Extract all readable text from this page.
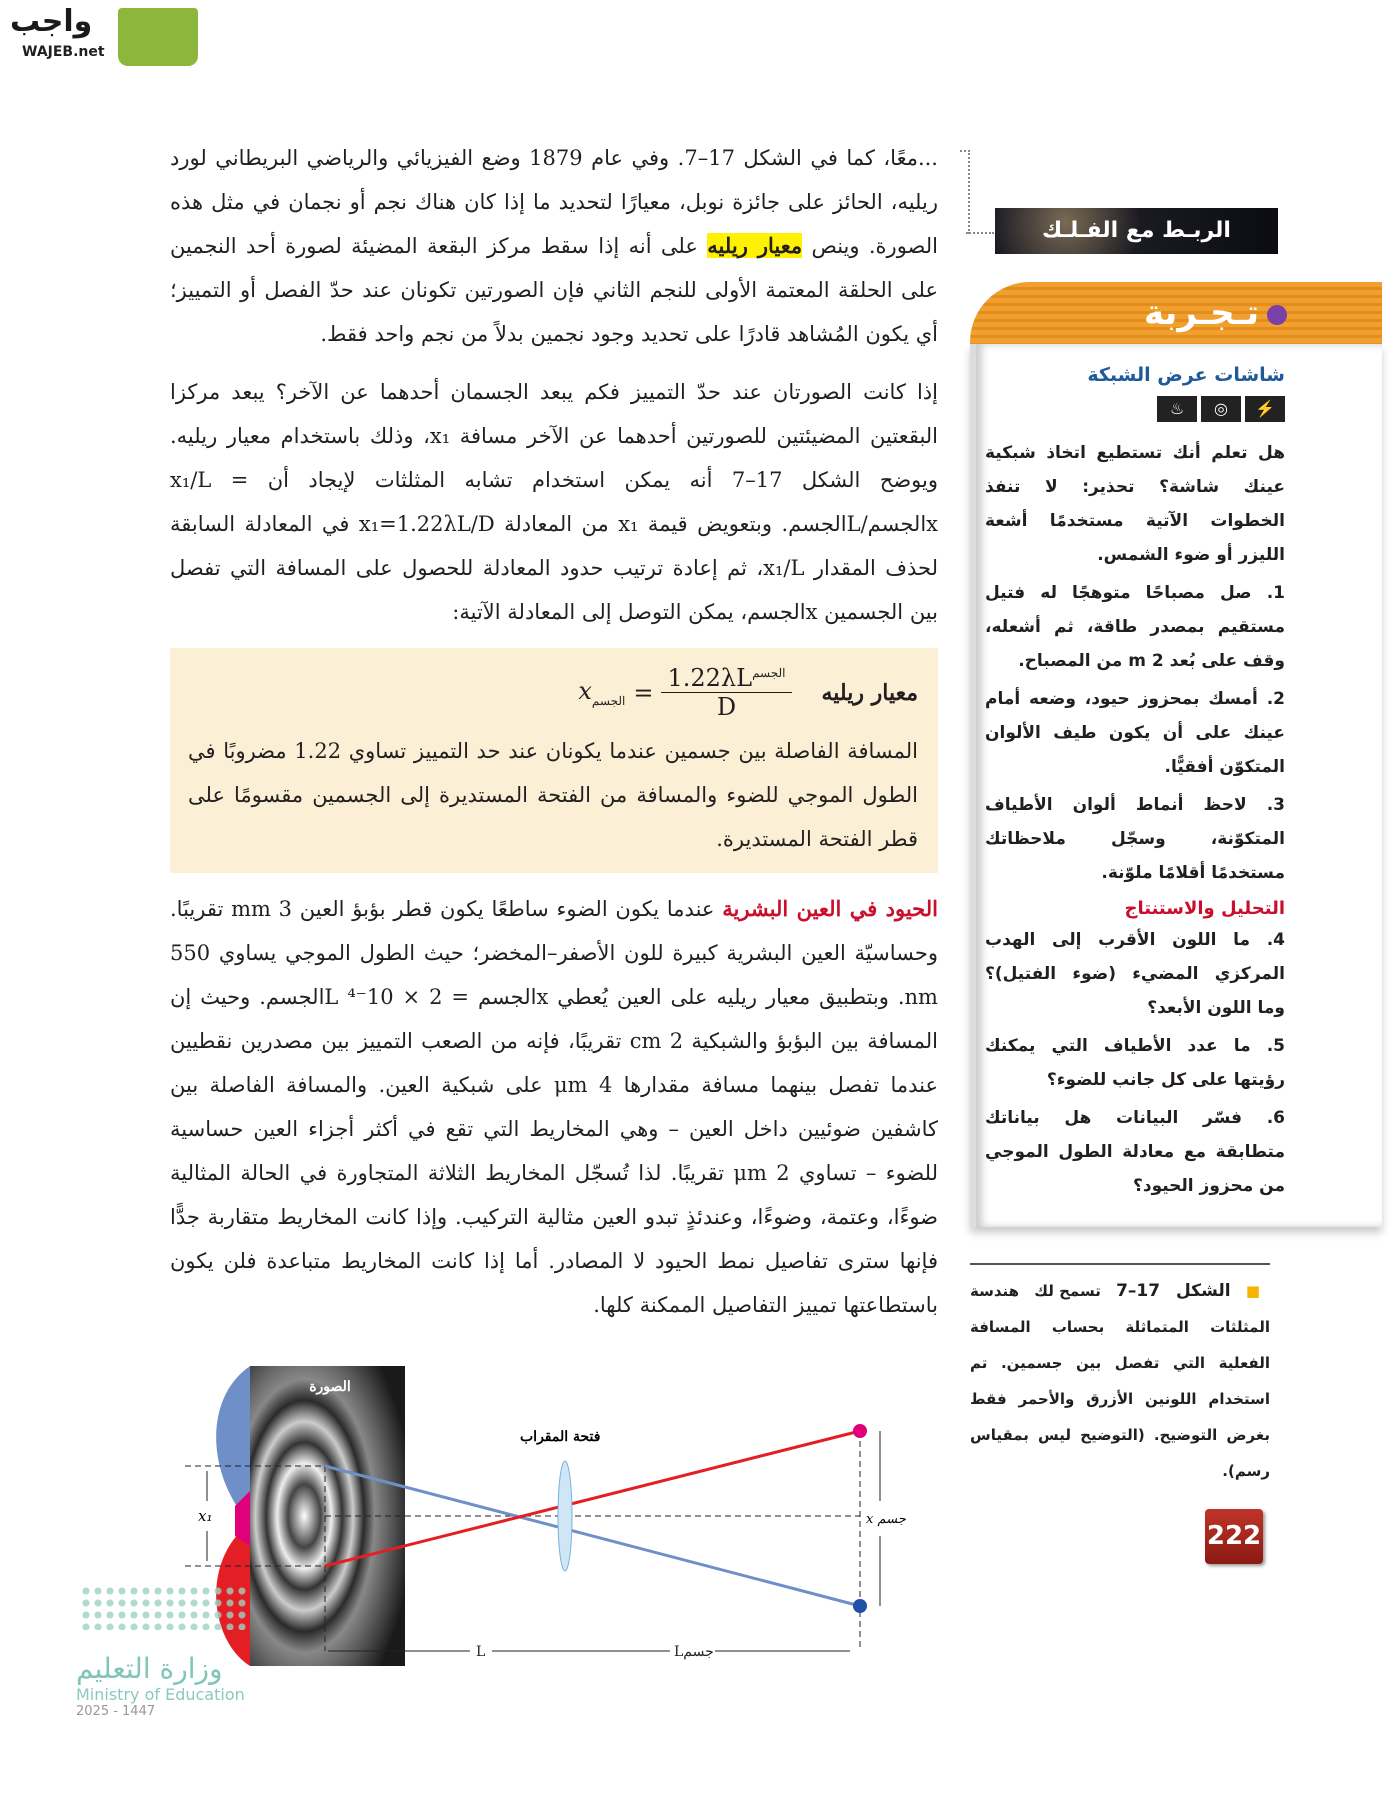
واجب
WAJEB.net
...معًا، كما في الشكل 17–7. وفي عام 1879 وضع الفيزيائي والرياضي البريطاني لورد ريليه، الحائز على جائزة نوبل، معيارًا لتحديد ما إذا كان هناك نجم أو نجمان في مثل هذه الصورة. وينص معيار ريليه على أنه إذا سقط مركز البقعة المضيئة لصورة أحد النجمين على الحلقة المعتمة الأولى للنجم الثاني فإن الصورتين تكونان عند حدّ الفصل أو التمييز؛ أي يكون المُشاهد قادرًا على تحديد وجود نجمين بدلاً من نجم واحد فقط.
إذا كانت الصورتان عند حدّ التمييز فكم يبعد الجسمان أحدهما عن الآخر؟ يبعد مركزا البقعتين المضيئتين للصورتين أحدهما عن الآخر مسافة x₁، وذلك باستخدام معيار ريليه. ويوضح الشكل 17–7 أنه يمكن استخدام تشابه المثلثات لإيجاد أن x₁/L = xالجسم/Lالجسم. وبتعويض قيمة x₁ من المعادلة x₁=1.22λL/D في المعادلة السابقة لحذف المقدار x₁/L، ثم إعادة ترتيب حدود المعادلة للحصول على المسافة التي تفصل بين الجسمين xالجسم، يمكن التوصل إلى المعادلة الآتية:
معيار ريليه
$x_{الجسم}$ =
$1.22\lambda L^{الجسم}$
D
المسافة الفاصلة بين جسمين عندما يكونان عند حد التمييز تساوي 1.22 مضروبًا في الطول الموجي للضوء والمسافة من الفتحة المستديرة إلى الجسمين مقسومًا على قطر الفتحة المستديرة.
الحيود في العين البشرية عندما يكون الضوء ساطعًا يكون قطر بؤبؤ العين 3 mm تقريبًا. وحساسيّة العين البشرية كبيرة للون الأصفر–المخضر؛ حيث الطول الموجي يساوي 550 nm. وبتطبيق معيار ريليه على العين يُعطي xالجسم = 2 × 10⁻⁴ Lالجسم. وحيث إن المسافة بين البؤبؤ والشبكية 2 cm تقريبًا، فإنه من الصعب التمييز بين مصدرين نقطيين عندما تفصل بينهما مسافة مقدارها 4 μm على شبكية العين. والمسافة الفاصلة بين كاشفين ضوئيين داخل العين – وهي المخاريط التي تقع في أكثر أجزاء العين حساسية للضوء – تساوي 2 μm تقريبًا. لذا تُسجّل المخاريط الثلاثة المتجاورة في الحالة المثالية ضوءًا، وعتمة، وضوءًا، وعندئذٍ تبدو العين مثالية التركيب. وإذا كانت المخاريط متقاربة جدًّا فإنها سترى تفاصيل نمط الحيود لا المصادر. أما إذا كانت المخاريط متباعدة فلن يكون باستطاعتها تمييز التفاصيل الممكنة كلها.
الصورة
x₁
فتحة المقراب
x جسم
L	Lجسم
الربـط مع الفـلـك
تـجـربة
شاشات عرض الشبكة
⚡◎♨
هل تعلم أنك تستطيع اتخاذ شبكية عينك شاشة؟ تحذير: لا تنفذ الخطوات الآتية مستخدمًا أشعة الليزر أو ضوء الشمس.
1. صل مصباحًا متوهجًا له فتيل مستقيم بمصدر طاقة، ثم أشعله، وقف على بُعد 2 m من المصباح.
2. أمسك بمحزوز حيود، وضعه أمام عينك على أن يكون طيف الألوان المتكوّن أفقيًّا.
3. لاحظ أنماط ألوان الأطياف المتكوّنة، وسجّل ملاحظاتك مستخدمًا أقلامًا ملوّنة.
التحليل والاستنتاج
4. ما اللون الأقرب إلى الهدب المركزي المضيء (ضوء الفتيل)؟ وما اللون الأبعد؟
5. ما عدد الأطياف التي يمكنك رؤيتها على كل جانب للضوء؟
6. فسّر البيانات هل بياناتك متطابقة مع معادلة الطول الموجي من محزوز الحيود؟
■ الشكل 17–7 تسمح لك هندسة المثلثات المتماثلة بحساب المسافة الفعلية التي تفصل بين جسمين. تم استخدام اللونين الأزرق والأحمر فقط بغرض التوضيح. (التوضيح ليس بمقياس رسم).
222
وزارة التعليم
Ministry of Education
2025 - 1447
